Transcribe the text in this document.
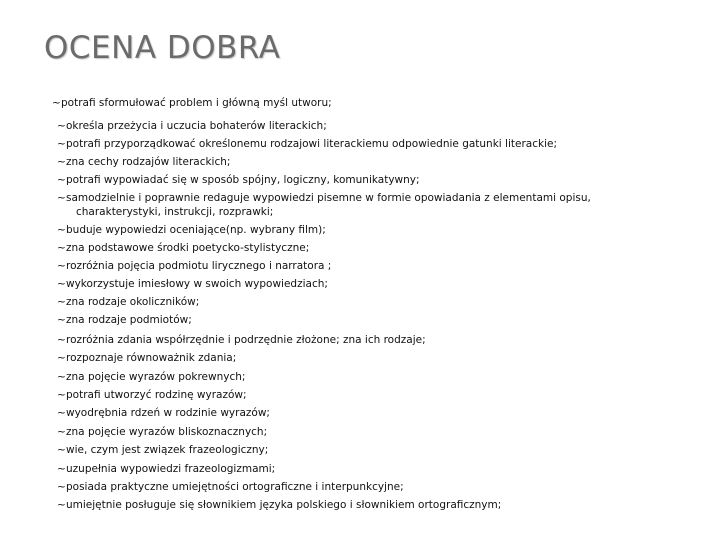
OCENA DOBRA
~ potrafi sformułować problem i główną myśl utworu;
~ określa przeżycia i uczucia bohaterów literackich;
~ potrafi przyporządkować określonemu rodzajowi literackiemu odpowiednie gatunki literackie;
~ zna cechy rodzajów literackich;
~ potrafi wypowiadać się w sposób spójny, logiczny, komunikatywny;
~ samodzielnie i poprawnie redaguje wypowiedzi pisemne w formie opowiadania z elementami opisu,
charakterystyki, instrukcji, rozprawki;
~ buduje wypowiedzi oceniające(np. wybrany film);
~ zna podstawowe środki poetycko-stylistyczne;
~ rozróżnia pojęcia podmiotu lirycznego i narratora ;
~ wykorzystuje imiesłowy w swoich wypowiedziach;
~ zna rodzaje okoliczników;
~ zna rodzaje podmiotów;
~ rozróżnia zdania współrzędnie i podrzędnie złożone; zna ich rodzaje;
~ rozpoznaje równoważnik zdania;
~ zna pojęcie wyrazów pokrewnych;
~ potrafi utworzyć rodzinę wyrazów;
~ wyodrębnia rdzeń w rodzinie wyrazów;
~ zna pojęcie wyrazów bliskoznacznych;
~ wie, czym jest związek frazeologiczny;
~ uzupełnia wypowiedzi frazeologizmami;
~ posiada praktyczne umiejętności ortograficzne i interpunkcyjne;
~ umiejętnie posługuje się słownikiem języka polskiego i słownikiem ortograficznym;
